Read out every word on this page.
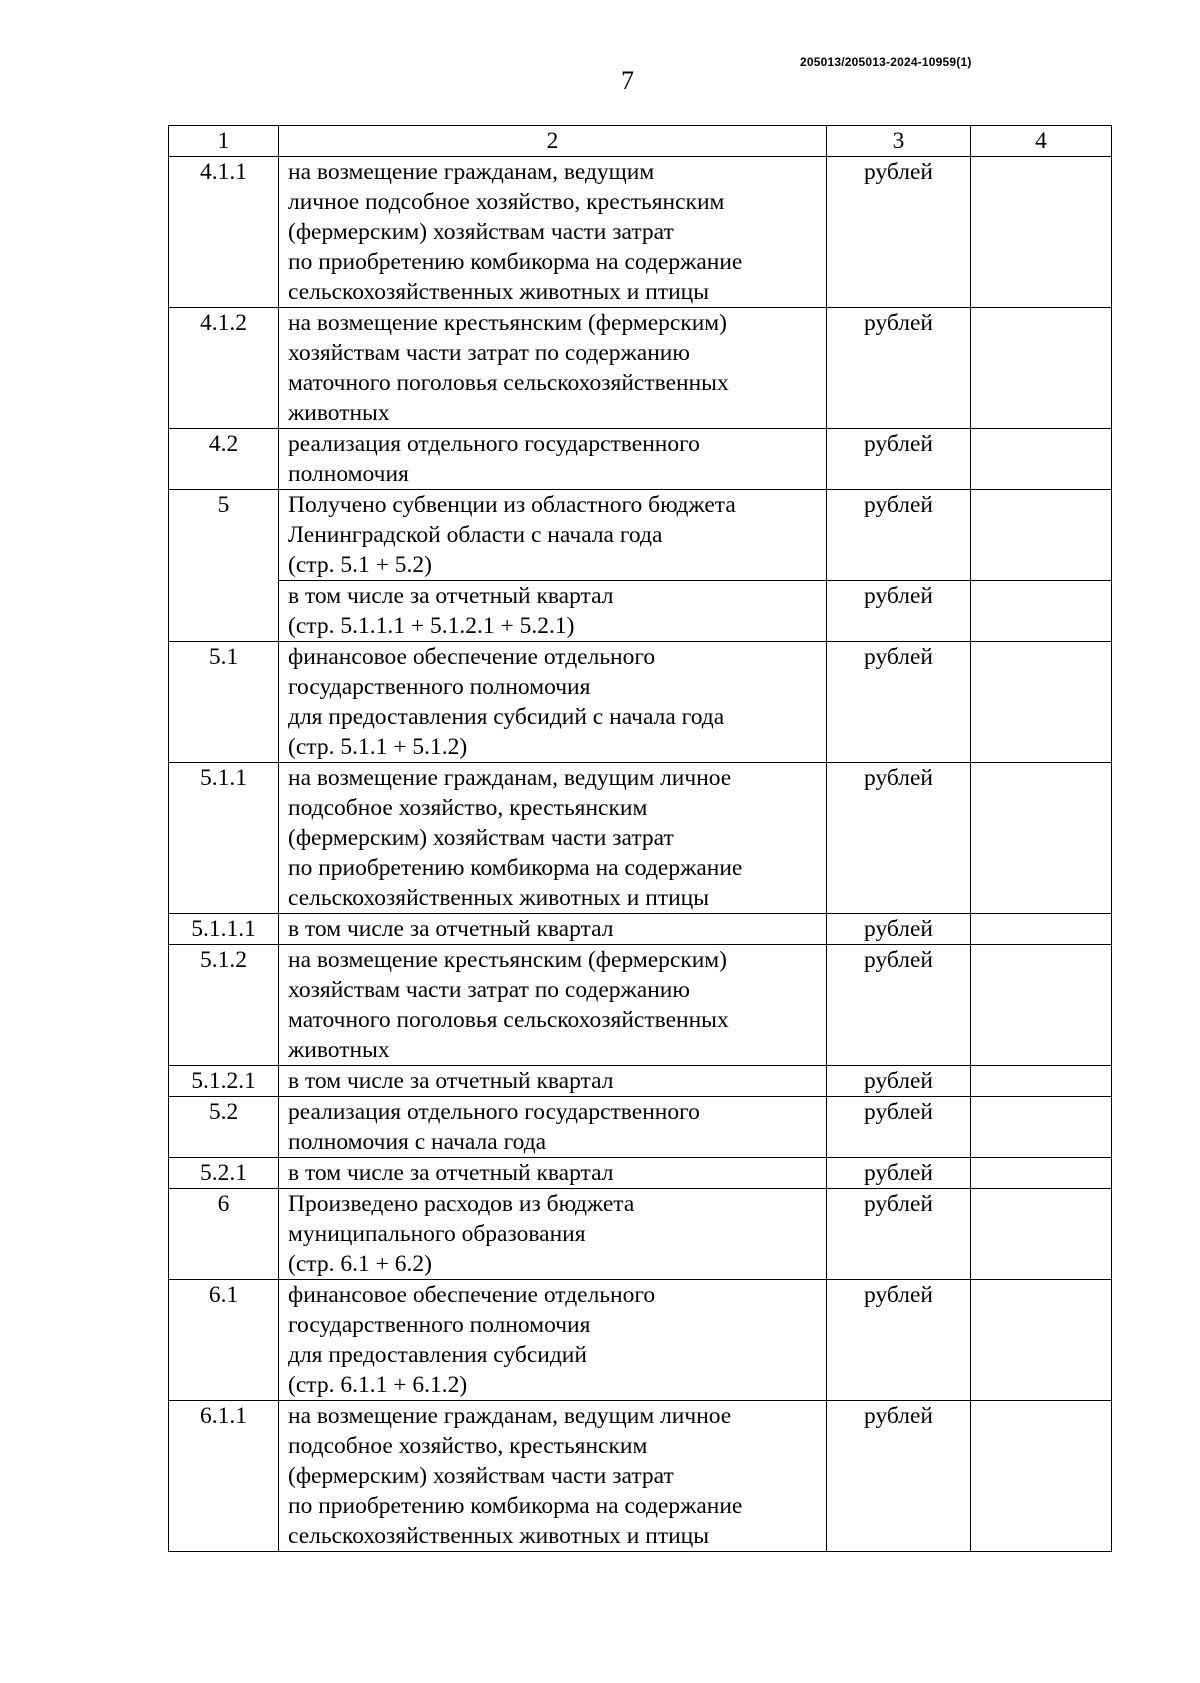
205013/205013-2024-10959(1)
7
1	2	3	4
4.1.1	на возмещение гражданам, ведущим
личное подсобное хозяйство, крестьянским
(фермерским) хозяйствам части затрат
по приобретению комбикорма на содержание
сельскохозяйственных животных и птицы	рублей	
4.1.2	на возмещение крестьянским (фермерским)
хозяйствам части затрат по содержанию
маточного поголовья сельскохозяйственных
животных	рублей	
4.2	реализация отдельного государственного
полномочия	рублей	
5	Получено субвенции из областного бюджета
Ленинградской области с начала года
(стр. 5.1 + 5.2)	рублей	

	в том числе за отчетный квартал
(стр. 5.1.1.1 + 5.1.2.1 + 5.2.1)	рублей	
5.1	финансовое обеспечение отдельного
государственного полномочия
для предоставления субсидий с начала года
(стр. 5.1.1 + 5.1.2)	рублей	
5.1.1	на возмещение гражданам, ведущим личное
подсобное хозяйство, крестьянским
(фермерским) хозяйствам части затрат
по приобретению комбикорма на содержание
сельскохозяйственных животных и птицы	рублей	
5.1.1.1	в том числе за отчетный квартал	рублей	
5.1.2	на возмещение крестьянским (фермерским)
хозяйствам части затрат по содержанию
маточного поголовья сельскохозяйственных
животных	рублей	
5.1.2.1	в том числе за отчетный квартал	рублей	
5.2	реализация отдельного государственного
полномочия с начала года	рублей	
5.2.1	в том числе за отчетный квартал	рублей	
6	Произведено расходов из бюджета
муниципального образования
(стр. 6.1 + 6.2)	рублей	
6.1	финансовое обеспечение отдельного
государственного полномочия
для предоставления субсидий
(стр. 6.1.1 + 6.1.2)	рублей	
6.1.1	на возмещение гражданам, ведущим личное
подсобное хозяйство, крестьянским
(фермерским) хозяйствам части затрат
по приобретению комбикорма на содержание
сельскохозяйственных животных и птицы	рублей	
